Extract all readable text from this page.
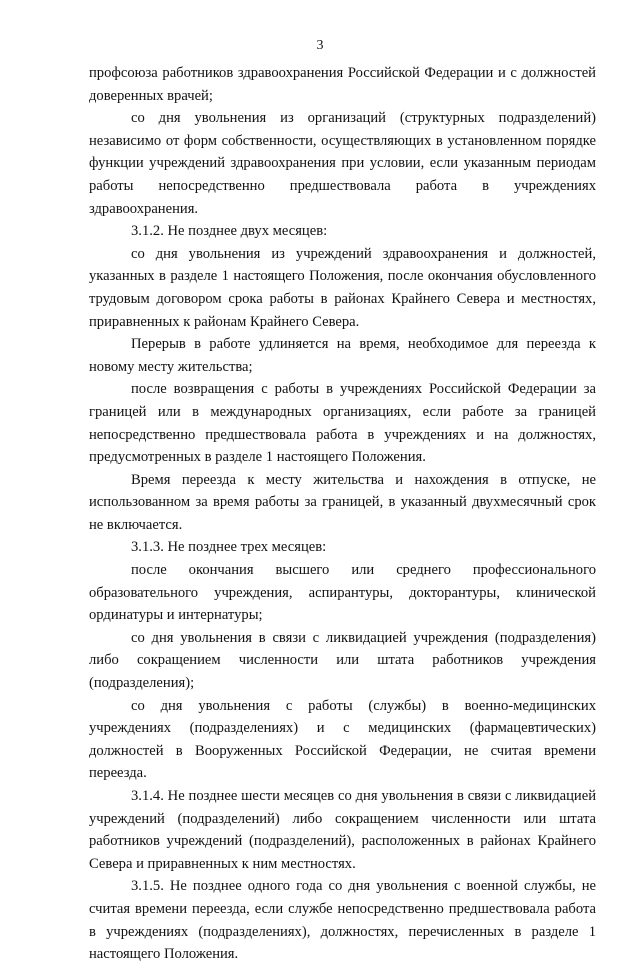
3

профсоюза работников здравоохранения Российской Федерации и с должностей доверенных врачей;

со дня увольнения из организаций (структурных подразделений) независимо от форм собственности, осуществляющих в установленном порядке функции учреждений здравоохранения при условии, если указанным периодам работы непосредственно предшествовала работа в учреждениях здравоохранения.

3.1.2. Не позднее двух месяцев:

со дня увольнения из учреждений здравоохранения и должностей, указанных в разделе 1 настоящего Положения, после окончания обусловленного трудовым договором срока работы в районах Крайнего Севера и местностях, приравненных к районам Крайнего Севера.

Перерыв в работе удлиняется на время, необходимое для переезда к новому месту жительства;

после возвращения с работы в учреждениях Российской Федерации за границей или в международных организациях, если работе за границей непосредственно предшествовала работа в учреждениях и на должностях, предусмотренных в разделе 1 настоящего Положения.

Время переезда к месту жительства и нахождения в отпуске, не использованном за время работы за границей, в указанный двухмесячный срок не включается.

3.1.3. Не позднее трех месяцев:

после окончания высшего или среднего профессионального образовательного учреждения, аспирантуры, докторантуры, клинической ординатуры и интернатуры;

со дня увольнения в связи с ликвидацией учреждения (подразделения) либо сокращением численности или штата работников учреждения (подразделения);

со дня увольнения с работы (службы) в военно-медицинских учреждениях (подразделениях) и с медицинских (фармацевтических) должностей в Вооруженных Российской Федерации, не считая времени переезда.

3.1.4. Не позднее шести месяцев со дня увольнения в связи с ликвидацией учреждений (подразделений) либо сокращением численности или штата работников учреждений (подразделений), расположенных в районах Крайнего Севера и приравненных к ним местностях.

3.1.5. Не позднее одного года со дня увольнения с военной службы, не считая времени переезда, если службе непосредственно предшествовала работа в учреждениях (подразделениях), должностях, перечисленных в разделе 1 настоящего Положения.
